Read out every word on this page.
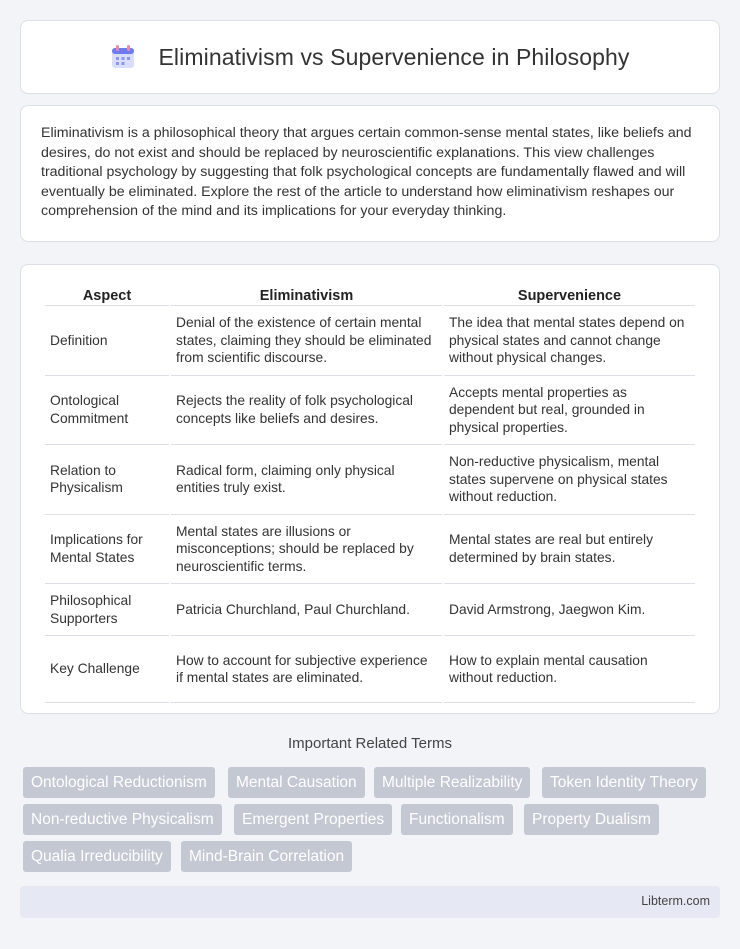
Eliminativism vs Supervenience in Philosophy

Eliminativism is a philosophical theory that argues certain common-sense mental states, like beliefs and desires, do not exist and should be replaced by neuroscientific explanations. This view challenges traditional psychology by suggesting that folk psychological concepts are fundamentally flawed and will eventually be eliminated. Explore the rest of the article to understand how eliminativism reshapes our comprehension of the mind and its implications for your everyday thinking.

Aspect	Eliminativism	Supervenience
Definition	Denial of the existence of certain mental states, claiming they should be eliminated from scientific discourse.	The idea that mental states depend on physical states and cannot change without physical changes.
Ontological Commitment	Rejects the reality of folk psychological concepts like beliefs and desires.	Accepts mental properties as dependent but real, grounded in physical properties.
Relation to Physicalism	Radical form, claiming only physical entities truly exist.	Non-reductive physicalism, mental states supervene on physical states without reduction.
Implications for Mental States	Mental states are illusions or misconceptions; should be replaced by neuroscientific terms.	Mental states are real but entirely determined by brain states.
Philosophical Supporters	Patricia Churchland, Paul Churchland.	David Armstrong, Jaegwon Kim.
Key Challenge	How to account for subjective experience if mental states are eliminated.	How to explain mental causation without reduction.
Important Related Terms
Ontological Reductionism	Mental Causation	Multiple Realizability	Token Identity Theory
Non-reductive Physicalism	Emergent Properties	Functionalism	Property Dualism
Qualia Irreducibility	Mind-Brain Correlation
Libterm.com
